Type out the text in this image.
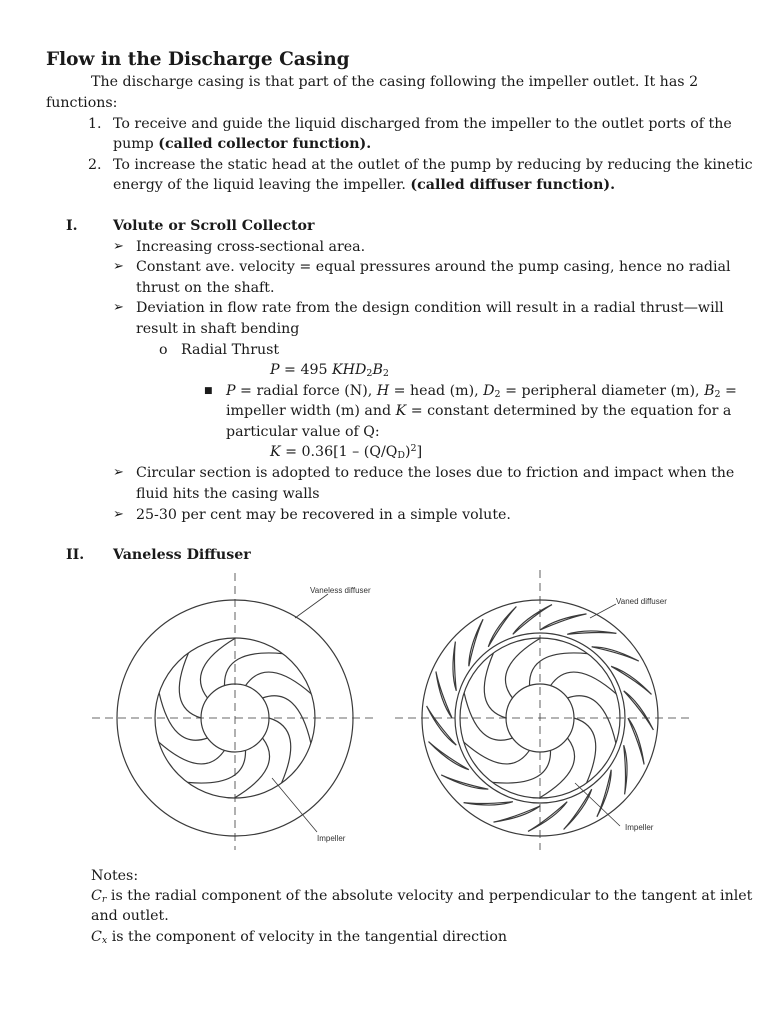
Flow in the Discharge Casing
The discharge casing is that part of the casing following the impeller outlet. It has 2
functions:
1. To receive and guide the liquid discharged from the impeller to the outlet ports of the
pump (called collector function).
2. To increase the static head at the outlet of the pump by reducing by reducing the kinetic
energy of the liquid leaving the impeller. (called diffuser function).
I. Volute or Scroll Collector
➢ Increasing cross-sectional area.
➢ Constant ave. velocity = equal pressures around the pump casing, hence no radial
thrust on the shaft.
➢ Deviation in flow rate from the design condition will result in a radial thrust—will
result in shaft bending
o Radial Thrust
P = 495 $KHD_2B_2$
■ P = radial force (N), H = head (m), $D_2$ = peripheral diameter (m), $B_2$ =
impeller width (m) and K = constant determined by the equation for a
particular value of Q:
$K = 0.36[1 - (Q/Q_D)^2]$
➢ Circular section is adopted to reduce the loses due to friction and impact when the
fluid hits the casing walls
➢ 25-30 per cent may be recovered in a simple volute.
II. Vaneless Diffuser
Vaneless diffuser
Impeller
Vaned diffuser
Impeller
Notes:
$C_r$ is the radial component of the absolute velocity and perpendicular to the tangent at inlet
and outlet.
$C_x$ is the component of velocity in the tangential direction
